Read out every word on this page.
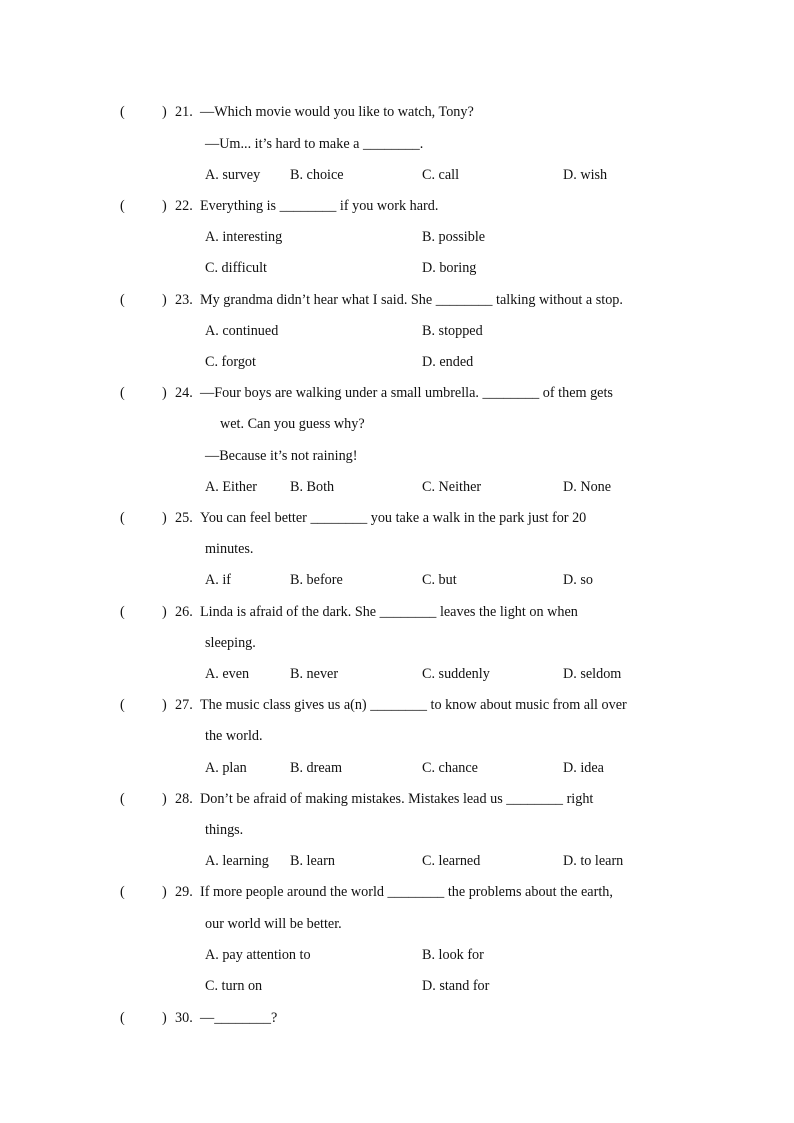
(	) 21. —Which movie would you like to watch, Tony?
—Um... it’s hard to make a ________.
A. survey B. choice	C. call	D. wish
(	) 22. Everything is ________ if you work hard.
A. interesting	B. possible
C. difficult	D. boring
(	) 23. My grandma didn’t hear what I said. She ________ talking without a stop.
A. continued	B. stopped
C. forgot	D. ended
(	) 24. —Four boys are walking under a small umbrella. ________ of them gets
wet. Can you guess why?
—Because it’s not raining!
A. Either B. Both	C. Neither	D. None
(	) 25. You can feel better ________ you take a walk in the park just for 20
minutes.
A. if	B. before	C. but	D. so
(	) 26. Linda is afraid of the dark. She ________ leaves the light on when
sleeping.
A. even	B. never	C. suddenly	D. seldom
(	) 27. The music class gives us a(n) ________ to know about music from all over
the world.
A. plan	B. dream	C. chance	D. idea
(	) 28. Don’t be afraid of making mistakes. Mistakes lead us ________ right
things.
A. learning B. learn	C. learned	D. to learn
(	) 29. If more people around the world ________ the problems about the earth,
our world will be better.
A. pay attention to	B. look for
C. turn on	D. stand for
(	) 30. —________?
